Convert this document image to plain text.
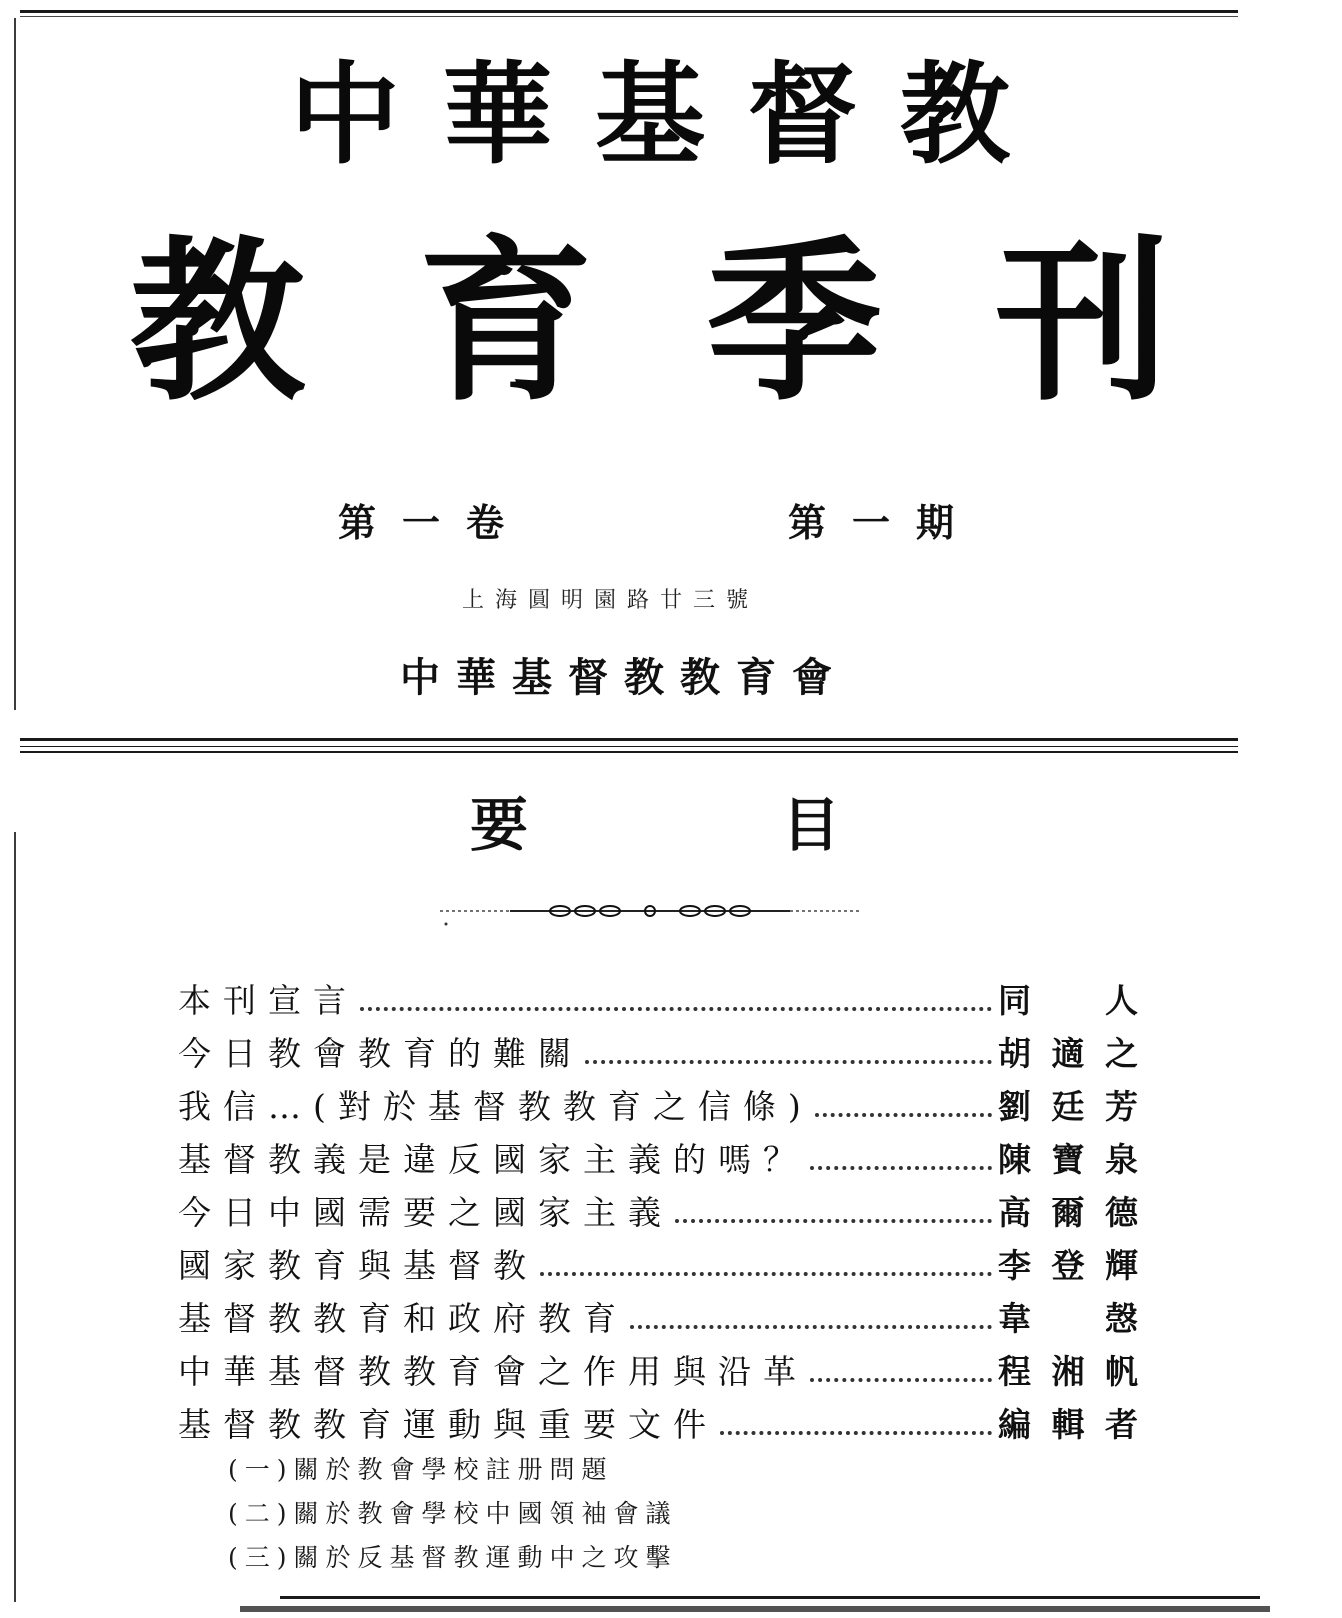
中 華 基 督 教
教 育 季 刊
第一卷	第一期
上海圓明園路廿三號
中華基督教教育會
要	目
本刊宣言	同 人
今日教會教育的難關	胡 適 之
我信…(對於基督教教育之信條)	劉 廷 芳
基督教義是違反國家主義的嗎？	陳 寶 泉
今日中國需要之國家主義	高 爾 德
國家教育與基督教	李 登 輝
基督教教育和政府教育	韋 愨
中華基督教教育會之作用與沿革	程 湘 帆
基督教教育運動與重要文件	編 輯 者
(一)關於教會學校註册問題
(二)關於教會學校中國領袖會議
(三)關於反基督教運動中之攻擊
